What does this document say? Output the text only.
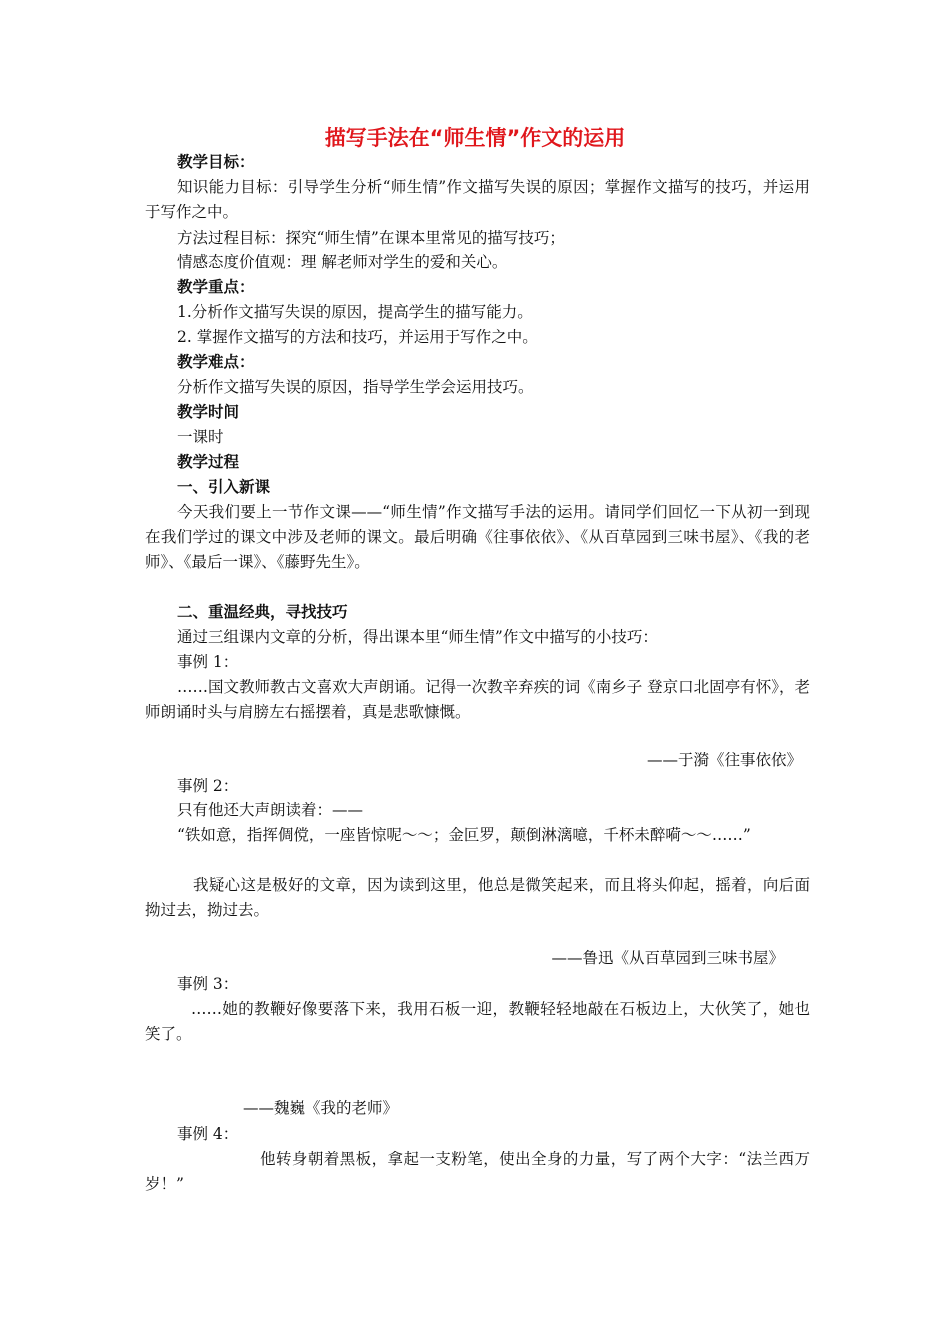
描写手法在“师生情”作文的运用
教学目标：
知识能力目标：引导学生分析“师生情”作文描写失误的原因；掌握作文描写的技巧，并运用于写作之中。
方法过程目标：探究“师生情”在课本里常见的描写技巧；
情感态度价值观：理 解老师对学生的爱和关心。
教学重点：
1.分析作文描写失误的原因，提高学生的描写能力。
2. 掌握作文描写的方法和技巧，并运用于写作之中。
教学难点：
分析作文描写失误的原因，指导学生学会运用技巧。
教学时间
一课时
教学过程
一、引入新课
今天我们要上一节作文课——“师生情”作文描写手法的运用。请同学们回忆一下从初一到现在我们学过的课文中涉及老师的课文。最后明确《往事依依》、《从百草园到三味书屋》、《我的老师》、《最后一课》、《藤野先生》。
二、重温经典，寻找技巧
通过三组课内文章的分析，得出课本里“师生情”作文中描写的小技巧：
事例 1：
……国文教师教古文喜欢大声朗诵。记得一次教辛弃疾的词《南乡子 登京口北固亭有怀》，老师朗诵时头与肩膀左右摇摆着，真是悲歌慷慨。
——于漪《往事依依》
事例 2：
只有他还大声朗读着：——
“铁如意，指挥倜傥，一座皆惊呢～～；金叵罗，颠倒淋漓噫，千杯未醉嗬～～……”
我疑心这是极好的文章，因为读到这里，他总是微笑起来，而且将头仰起，摇着，向后面拗过去，拗过去。
——鲁迅《从百草园到三味书屋》
事例 3：
……她的教鞭好像要落下来，我用石板一迎，教鞭轻轻地敲在石板边上，大伙笑了，她也笑了。
——魏巍《我的老师》
事例 4：
他转身朝着黑板，拿起一支粉笔，使出全身的力量，写了两个大字：“法兰西万岁！”
